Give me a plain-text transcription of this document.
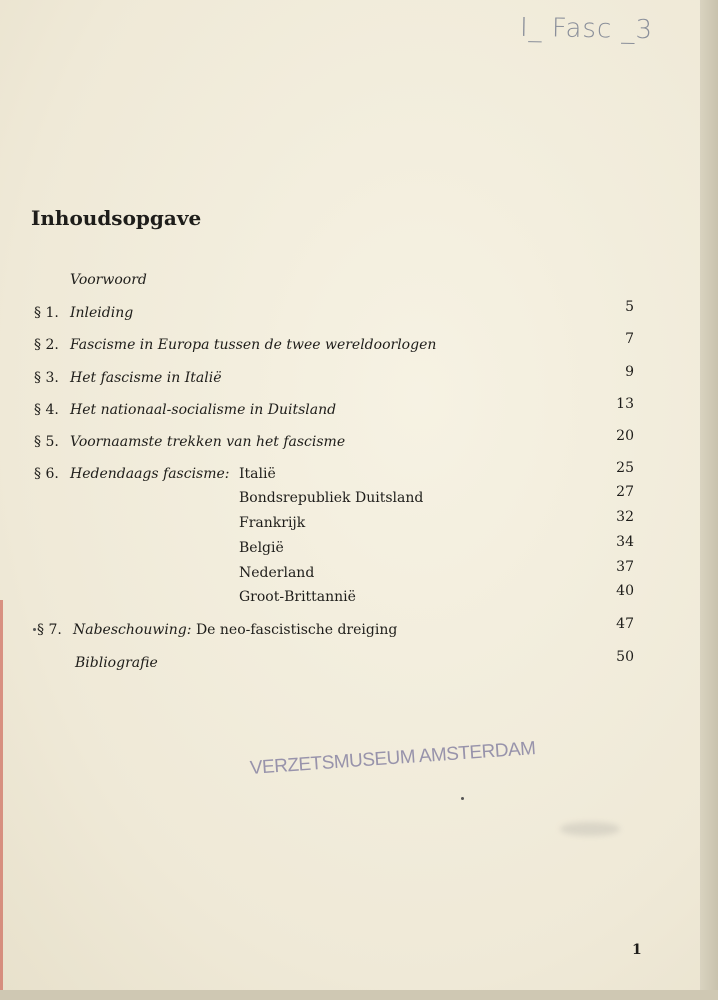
I_ Fasc _3
Inhoudsopgave
Voorwoord
§ 1. Inleiding	5
§ 2. Fascisme in Europa tussen de twee wereldoorlogen	7
§ 3. Het fascisme in Italië	9
§ 4. Het nationaal-socialisme in Duitsland	13
§ 5. Voornaamste trekken van het fascisme	20
§ 6. Hedendaags fascisme: Italië	25
Bondsrepubliek Duitsland	27
Frankrijk	32
België	34
Nederland	37
Groot-Brittannië	40
§ 7. Nabeschouwing: De neo-fascistische dreiging	47
Bibliografie	50
VERZETSMUSEUM AMSTERDAM
1
